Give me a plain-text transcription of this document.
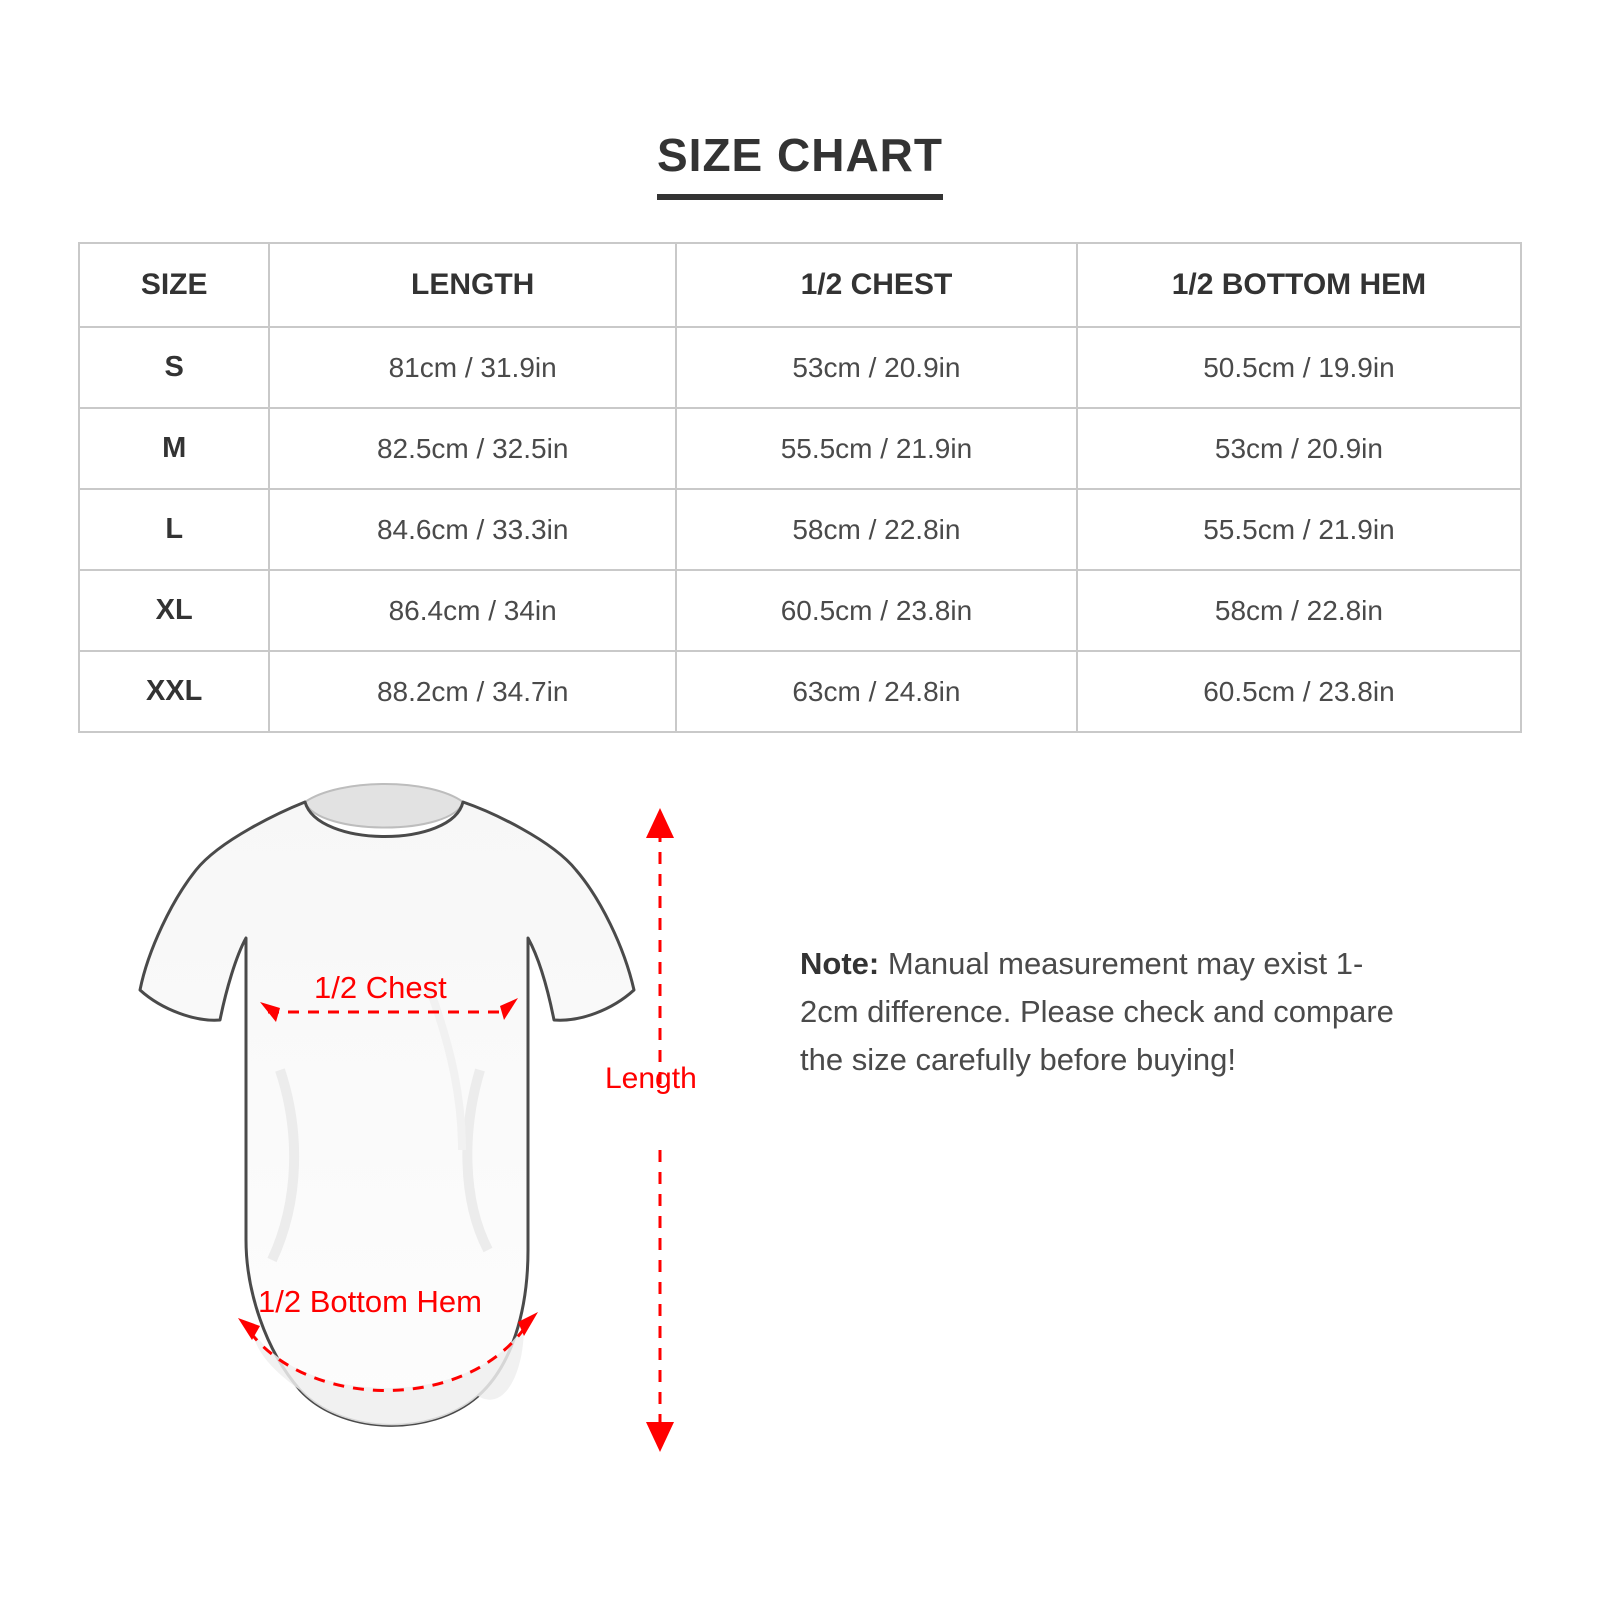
SIZE CHART
SIZE	LENGTH	1/2 CHEST	1/2 BOTTOM HEM
S	81cm / 31.9in	53cm / 20.9in	50.5cm / 19.9in
M	82.5cm / 32.5in	55.5cm / 21.9in	53cm / 20.9in
L	84.6cm / 33.3in	58cm / 22.8in	55.5cm / 21.9in
XL	86.4cm / 34in	60.5cm / 23.8in	58cm / 22.8in
XXL	88.2cm / 34.7in	63cm / 24.8in	60.5cm / 23.8in
1/2 Chest
1/2 Bottom Hem
Length
Note: Manual measurement may exist 1-2cm difference. Please check and compare the size carefully before buying!
